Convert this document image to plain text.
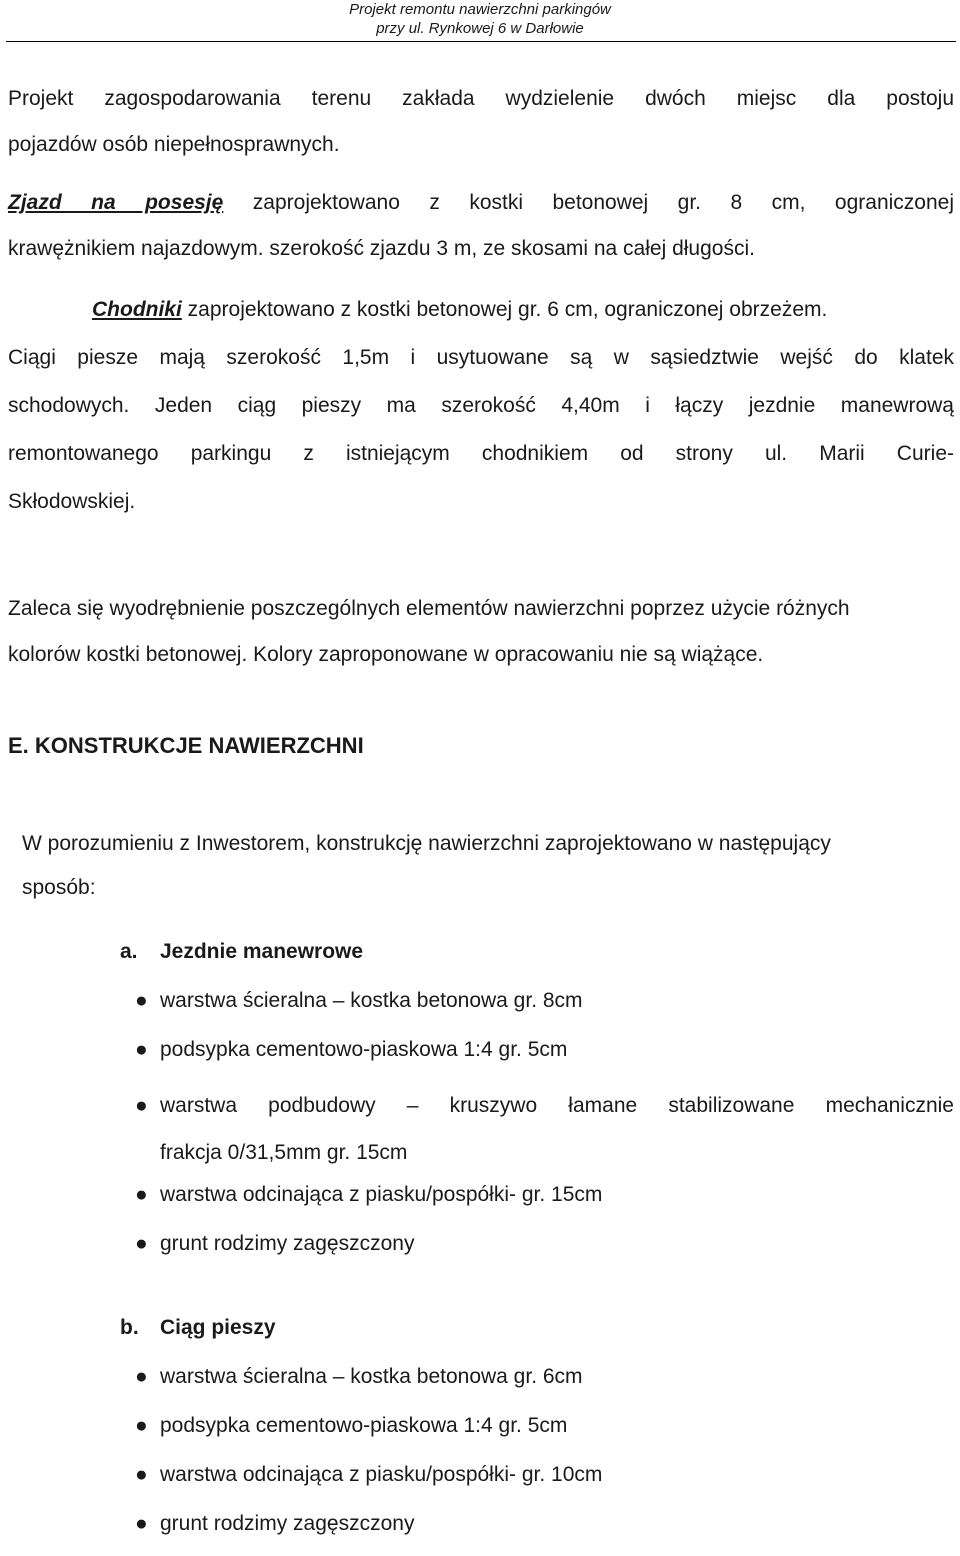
Projekt remontu nawierzchni parkingów
przy ul. Rynkowej 6 w Darłowie

Projekt zagospodarowania terenu zakłada wydzielenie dwóch miejsc dla postoju
pojazdów osób niepełnosprawnych.

Zjazd na posesję zaprojektowano z kostki betonowej gr. 8 cm, ograniczonej
krawężnikiem najazdowym. szerokość zjazdu 3 m, ze skosami na całej długości.

Chodniki zaprojektowano z kostki betonowej gr. 6 cm, ograniczonej obrzeżem.
Ciągi piesze mają szerokość 1,5m i usytuowane są w sąsiedztwie wejść do klatek
schodowych. Jeden ciąg pieszy ma szerokość 4,40m i łączy jezdnie manewrową
remontowanego parkingu z istniejącym chodnikiem od strony ul. Marii Curie-
Skłodowskiej.

Zaleca się wyodrębnienie poszczególnych elementów nawierzchni poprzez użycie różnych
kolorów kostki betonowej. Kolory zaproponowane w opracowaniu nie są wiążące.

E. KONSTRUKCJE NAWIERZCHNI

W porozumieniu z Inwestorem, konstrukcję nawierzchni zaprojektowano w następujący
sposób:

a. Jezdnie manewrowe
● warstwa ścieralna – kostka betonowa gr. 8cm
● podsypka cementowo-piaskowa 1:4 gr. 5cm
● warstwa podbudowy – kruszywo łamane stabilizowane mechanicznie
frakcja 0/31,5mm gr. 15cm
● warstwa odcinająca z piasku/pospółki- gr. 15cm
● grunt rodzimy zagęszczony
b. Ciąg pieszy
● warstwa ścieralna – kostka betonowa gr. 6cm
● podsypka cementowo-piaskowa 1:4 gr. 5cm
● warstwa odcinająca z piasku/pospółki- gr. 10cm
● grunt rodzimy zagęszczony
